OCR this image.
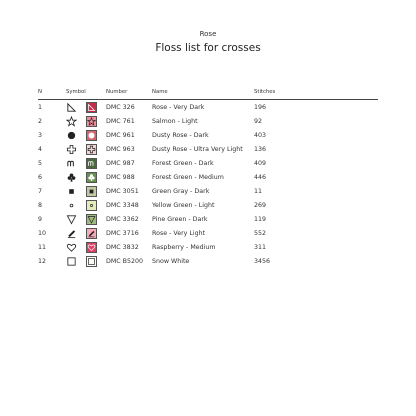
Rose
Floss list for crosses
N	Symbol	Number	Name	Stitches
1		DMC 326	Rose - Very Dark	196
2		DMC 761	Salmon - Light	92
3		DMC 961	Dusty Rose - Dark	403
4		DMC 963	Dusty Rose - Ultra Very Light	136
5		DMC 987	Forest Green - Dark	409
6		DMC 988	Forest Green - Medium	446
7		DMC 3051	Green Gray - Dark	11
8		DMC 3348	Yellow Green - Light	269
9		DMC 3362	Pine Green - Dark	119
10		DMC 3716	Rose - Very Light	552
11		DMC 3832	Raspberry - Medium	311
12		DMC B5200	Snow White	3456
